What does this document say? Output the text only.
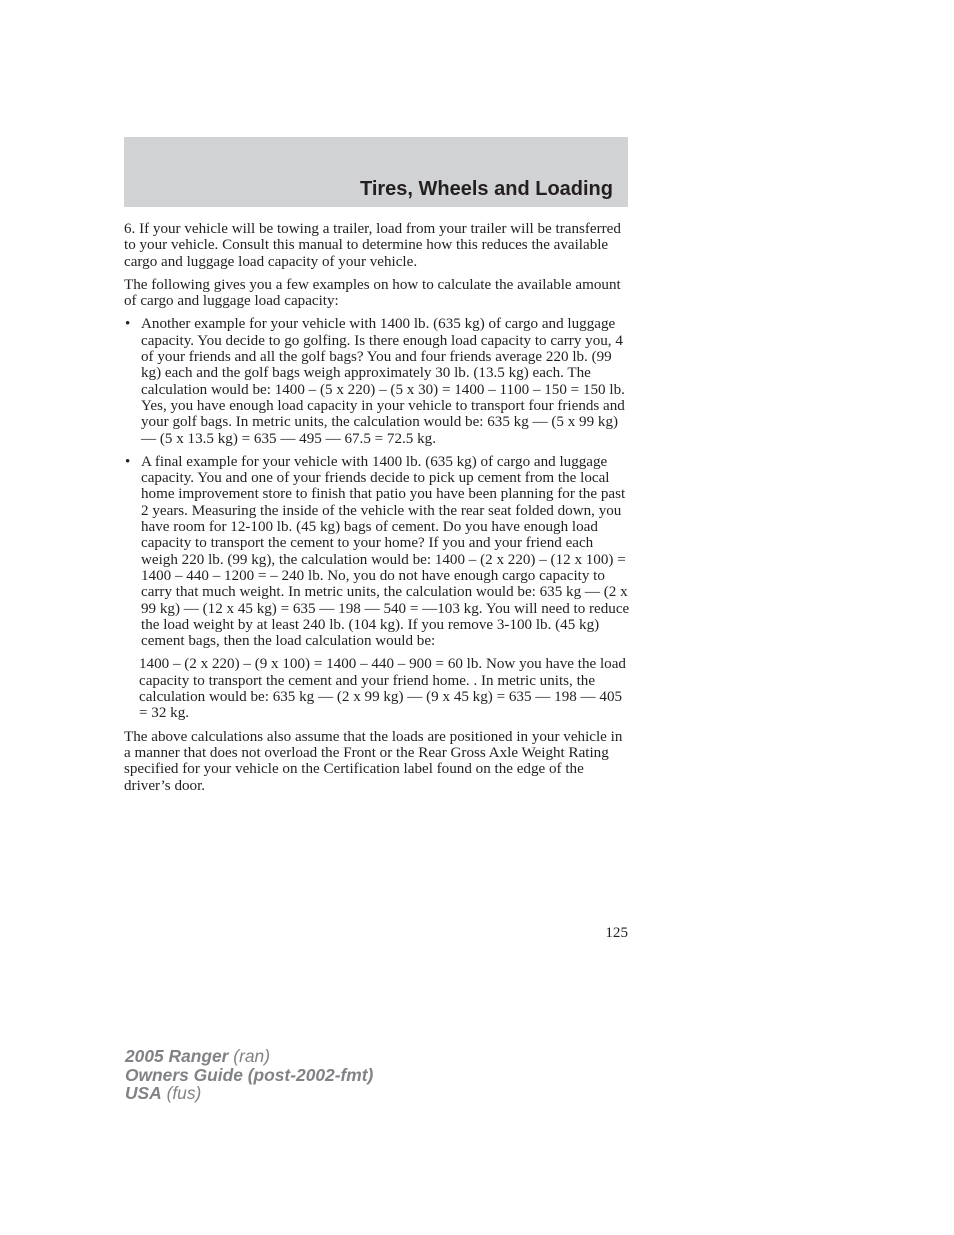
Tires, Wheels and Loading

6. If your vehicle will be towing a trailer, load from your trailer will be transferred to your vehicle. Consult this manual to determine how this reduces the available cargo and luggage load capacity of your vehicle.

The following gives you a few examples on how to calculate the available amount of cargo and luggage load capacity:

• Another example for your vehicle with 1400 lb. (635 kg) of cargo and luggage capacity. You decide to go golfing. Is there enough load capacity to carry you, 4 of your friends and all the golf bags? You and four friends average 220 lb. (99 kg) each and the golf bags weigh approximately 30 lb. (13.5 kg) each. The calculation would be: 1400 – (5 x 220) – (5 x 30) = 1400 – 1100 – 150 = 150 lb. Yes, you have enough load capacity in your vehicle to transport four friends and your golf bags. In metric units, the calculation would be: 635 kg — (5 x 99 kg) — (5 x 13.5 kg) = 635 — 495 — 67.5 = 72.5 kg.
• A final example for your vehicle with 1400 lb. (635 kg) of cargo and luggage capacity. You and one of your friends decide to pick up cement from the local home improvement store to finish that patio you have been planning for the past 2 years. Measuring the inside of the vehicle with the rear seat folded down, you have room for 12-100 lb. (45 kg) bags of cement. Do you have enough load capacity to transport the cement to your home? If you and your friend each weigh 220 lb. (99 kg), the calculation would be: 1400 – (2 x 220) – (12 x 100) = 1400 – 440 – 1200 = – 240 lb. No, you do not have enough cargo capacity to carry that much weight. In metric units, the calculation would be: 635 kg — (2 x 99 kg) — (12 x 45 kg) = 635 — 198 — 540 = —103 kg. You will need to reduce the load weight by at least 240 lb. (104 kg). If you remove 3-100 lb. (45 kg) cement bags, then the load calculation would be:

1400 – (2 x 220) – (9 x 100) = 1400 – 440 – 900 = 60 lb. Now you have the load capacity to transport the cement and your friend home. . In metric units, the calculation would be: 635 kg — (2 x 99 kg) — (9 x 45 kg) = 635 — 198 — 405 = 32 kg.

The above calculations also assume that the loads are positioned in your vehicle in a manner that does not overload the Front or the Rear Gross Axle Weight Rating specified for your vehicle on the Certification label found on the edge of the driver’s door.

125
2005 Ranger (ran)
Owners Guide (post-2002-fmt)
USA (fus)
